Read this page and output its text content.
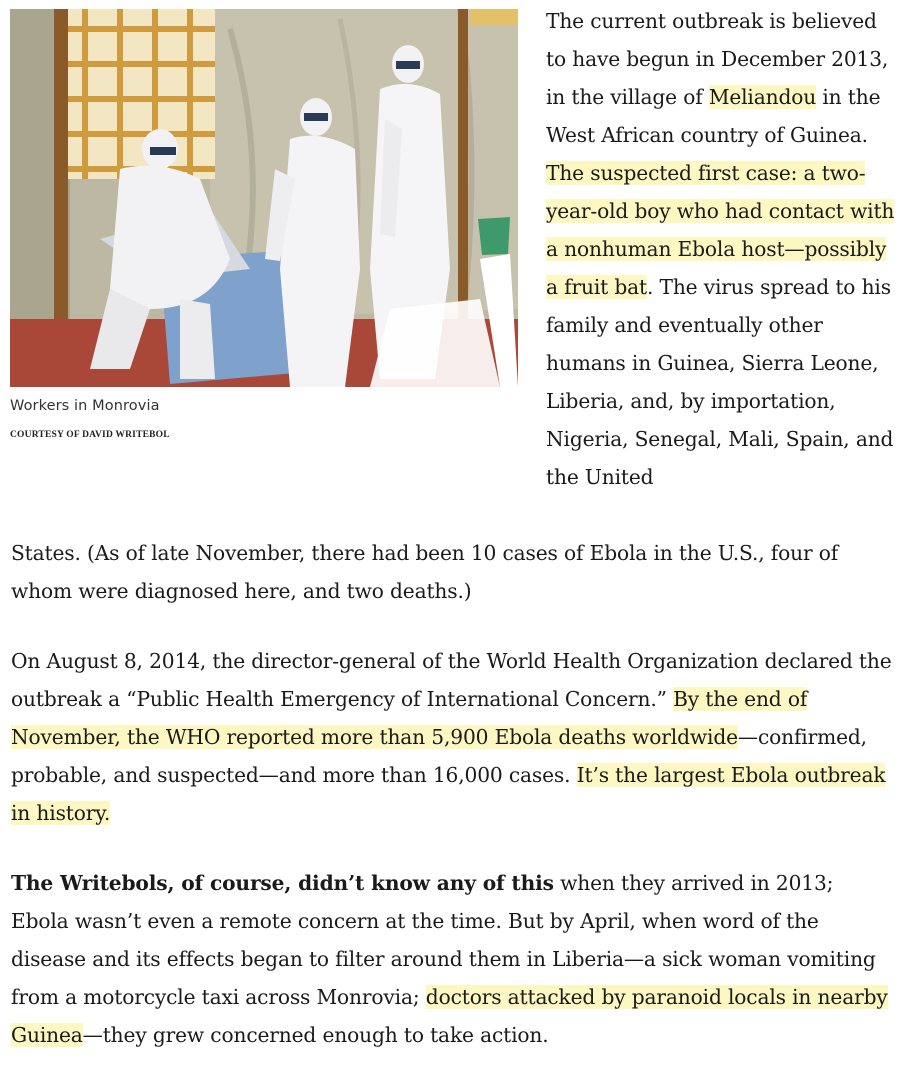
Workers in Monrovia
COURTESY OF DAVID WRITEBOL

The current outbreak is believed to have begun in December 2013, in the village of Meliandou in the West African country of Guinea. The suspected first case: a two-year-old boy who had contact with a nonhuman Ebola host—possibly a fruit bat. The virus spread to his family and eventually other humans in Guinea, Sierra Leone, Liberia, and, by importation, Nigeria, Senegal, Mali, Spain, and the United

States. (As of late November, there had been 10 cases of Ebola in the U.S., four of whom were diagnosed here, and two deaths.)

On August 8, 2014, the director-general of the World Health Organization declared the outbreak a “Public Health Emergency of International Concern.” By the end of November, the WHO reported more than 5,900 Ebola deaths worldwide—confirmed, probable, and suspected—and more than 16,000 cases. It’s the largest Ebola outbreak in history.

The Writebols, of course, didn’t know any of this when they arrived in 2013; Ebola wasn’t even a remote concern at the time. But by April, when word of the disease and its effects began to filter around them in Liberia—a sick woman vomiting from a motorcycle taxi across Monrovia; doctors attacked by paranoid locals in nearby Guinea—they grew concerned enough to take action.
